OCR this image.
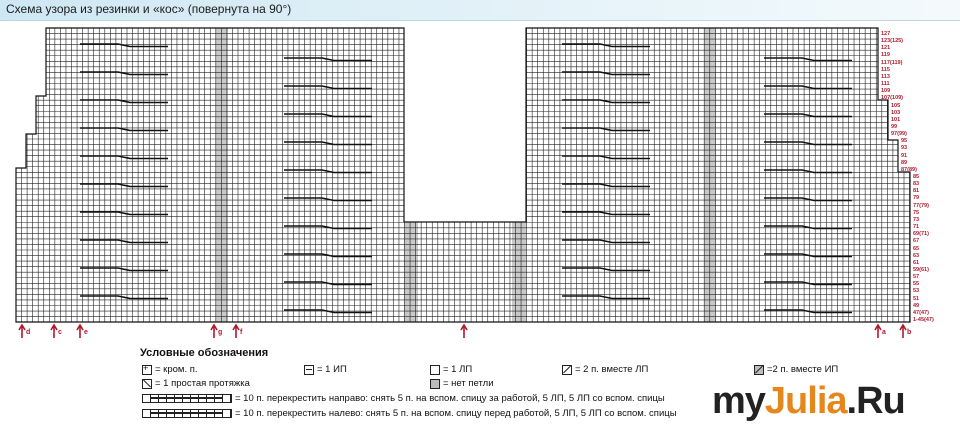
Схема узора из резинки и «кос» (повернута на 90°)
127
123(125)
121
119
117(119)
115
113
111
109
107(109)
105
103
101
99
97(99)
95
93
91
89
87(89)
85
83
81
79
77(79)
75
73
71
69(71)
67
65
63
61
59(61)
57
55
53
51
49
47(47)
1-45(47)
d	c	e	g	f	a	b
Условные обозначения
+
= кром. п.	= 1 ИП	= 1 ЛП	= 2 п. вместе ЛП	=2 п. вместе ИП
= 1 простая протяжка	= нет петли
= 10 п. перекрестить направо: снять 5 п. на вспом. спицу за работой, 5 ЛП, 5 ЛП со вспом. спицы
= 10 п. перекрестить налево: снять 5 п. на вспом. спицу перед работой, 5 ЛП, 5 ЛП со вспом. спицы myJulia.Ru
